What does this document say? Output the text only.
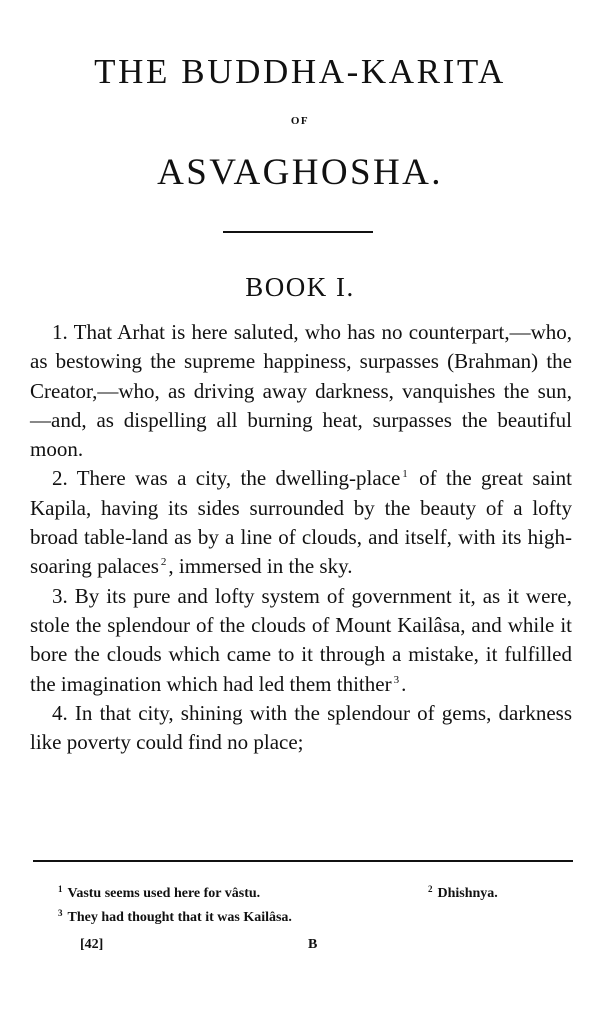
THE BUDDHA-KARITA
OF
ASVAGHOSHA.
BOOK I.

1. That Arhat is here saluted, who has no counterpart,—who, as bestowing the supreme happiness, surpasses (Brahman) the Creator,—who, as driving away darkness, vanquishes the sun,—and, as dispelling all burning heat, surpasses the beautiful moon.

2. There was a city, the dwelling-place $^1$ of the great saint Kapila, having its sides surrounded by the beauty of a lofty broad table-land as by a line of clouds, and itself, with its high-soaring palaces $^2$, immersed in the sky.

3. By its pure and lofty system of government it, as it were, stole the splendour of the clouds of Mount Kailâsa, and while it bore the clouds which came to it through a mistake, it fulfilled the imagination which had led them thither $^3$.

4. In that city, shining with the splendour of gems, darkness like poverty could find no place;

$^1$ Vastu seems used here for vâstu.	$^2$ Dhishnya.
$^3$ They had thought that it was Kailâsa.
[42]	B
